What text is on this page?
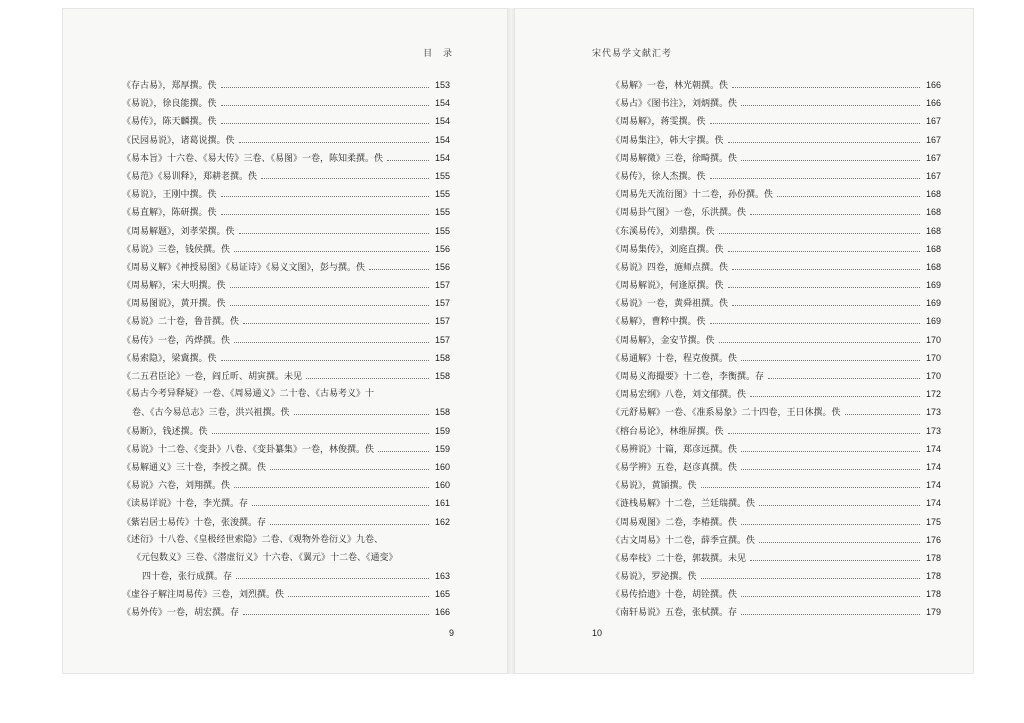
目 录
《存古易》，郑厚撰。佚	153
《易说》，徐良能撰。佚	154
《易传》，陈天麟撰。佚	154
《民园易说》，诸葛说撰。佚	154
《易本旨》十六卷、《易大传》三卷、《易图》一卷，陈知柔撰。佚	154
《易范》《易训释》，郑耕老撰。佚	155
《易说》，王刚中撰。佚	155
《易直解》，陈研撰。佚	155
《周易解题》，刘孝荣撰。佚	155
《易说》三卷，钱侯撰。佚	156
《周易义解》《神授易图》《易证诗》《易义文图》，彭与撰。佚	156
《周易解》，宋大明撰。佚	157
《周易图说》，黄开撰。佚	157
《易说》二十卷，鲁昔撰。佚	157
《易传》一卷，芮烨撰。佚	157
《易索隐》，梁冀撰。佚	158
《二五君臣论》一卷，阎丘昕、胡寅撰。未见	158
《易古今考异释疑》一卷、《周易通义》二十卷、《古易考义》十
卷、《古今易总志》三卷，洪兴祖撰。佚	158
《易断》，钱述撰。佚	159
《易说》十二卷、《变卦》八卷、《变卦纂集》一卷，林俊撰。佚	159
《易解通义》三十卷，李授之撰。佚	160
《易说》六卷，刘翔撰。佚	160
《读易详说》十卷，李光撰。存	161
《紫岩居士易传》十卷，张浚撰。存	162
《述衍》十八卷、《皇极经世索隐》二卷、《观物外卷衍义》九卷、
《元包数义》三卷、《潜虚衍义》十六卷、《翼元》十二卷、《通变》
四十卷，张行成撰。存	163
《虚谷子解注周易传》三卷，刘烈撰。佚	165
《易外传》一卷，胡宏撰。存	166
9
宋代易学文献汇考
《易解》一卷，林光朝撰。佚	166
《易占》《图书注》，刘炳撰。佚	166
《周易解》，蒋雯撰。佚	167
《周易集注》，韩大宇撰。佚	167
《周易解微》三卷，徐畸撰。佚	167
《易传》，徐人杰撰。佚	167
《周易先天流衍图》十二卷，孙份撰。佚	168
《周易卦气图》一卷，乐洪撰。佚	168
《东溪易传》，刘鼎撰。佚	168
《周易集传》，刘庭直撰。佚	168
《易说》四卷，施师点撰。佚	168
《周易解说》，何逢原撰。佚	169
《易说》一卷，黄舜祖撰。佚	169
《易解》，曹粹中撰。佚	169
《周易解》，金安节撰。佚	170
《易通解》十卷，程克俊撰。佚	170
《周易义海撮要》十二卷，李衡撰。存	170
《周易宏纲》八卷，刘文郁撰。佚	172
《元舒易解》一卷、《准系易象》二十四卷，王日休撰。佚	173
《榕台易论》，林维屏撰。佚	173
《易辨说》十篇，郑彦远撰。佚	174
《易学辨》五卷，赵彦真撰。佚	174
《易说》，黄頴撰。佚	174
《涟栈易解》十二卷，兰廷瑞撰。佚	174
《周易观图》二卷，李椿撰。佚	175
《古文周易》十二卷，薛季宣撰。佚	176
《易奉枝》二十卷，郭载撰。未见	178
《易说》，罗泌撰。佚	178
《易传拾遗》十卷，胡铨撰。佚	178
《南轩易说》五卷，张栻撰。存	179
10
